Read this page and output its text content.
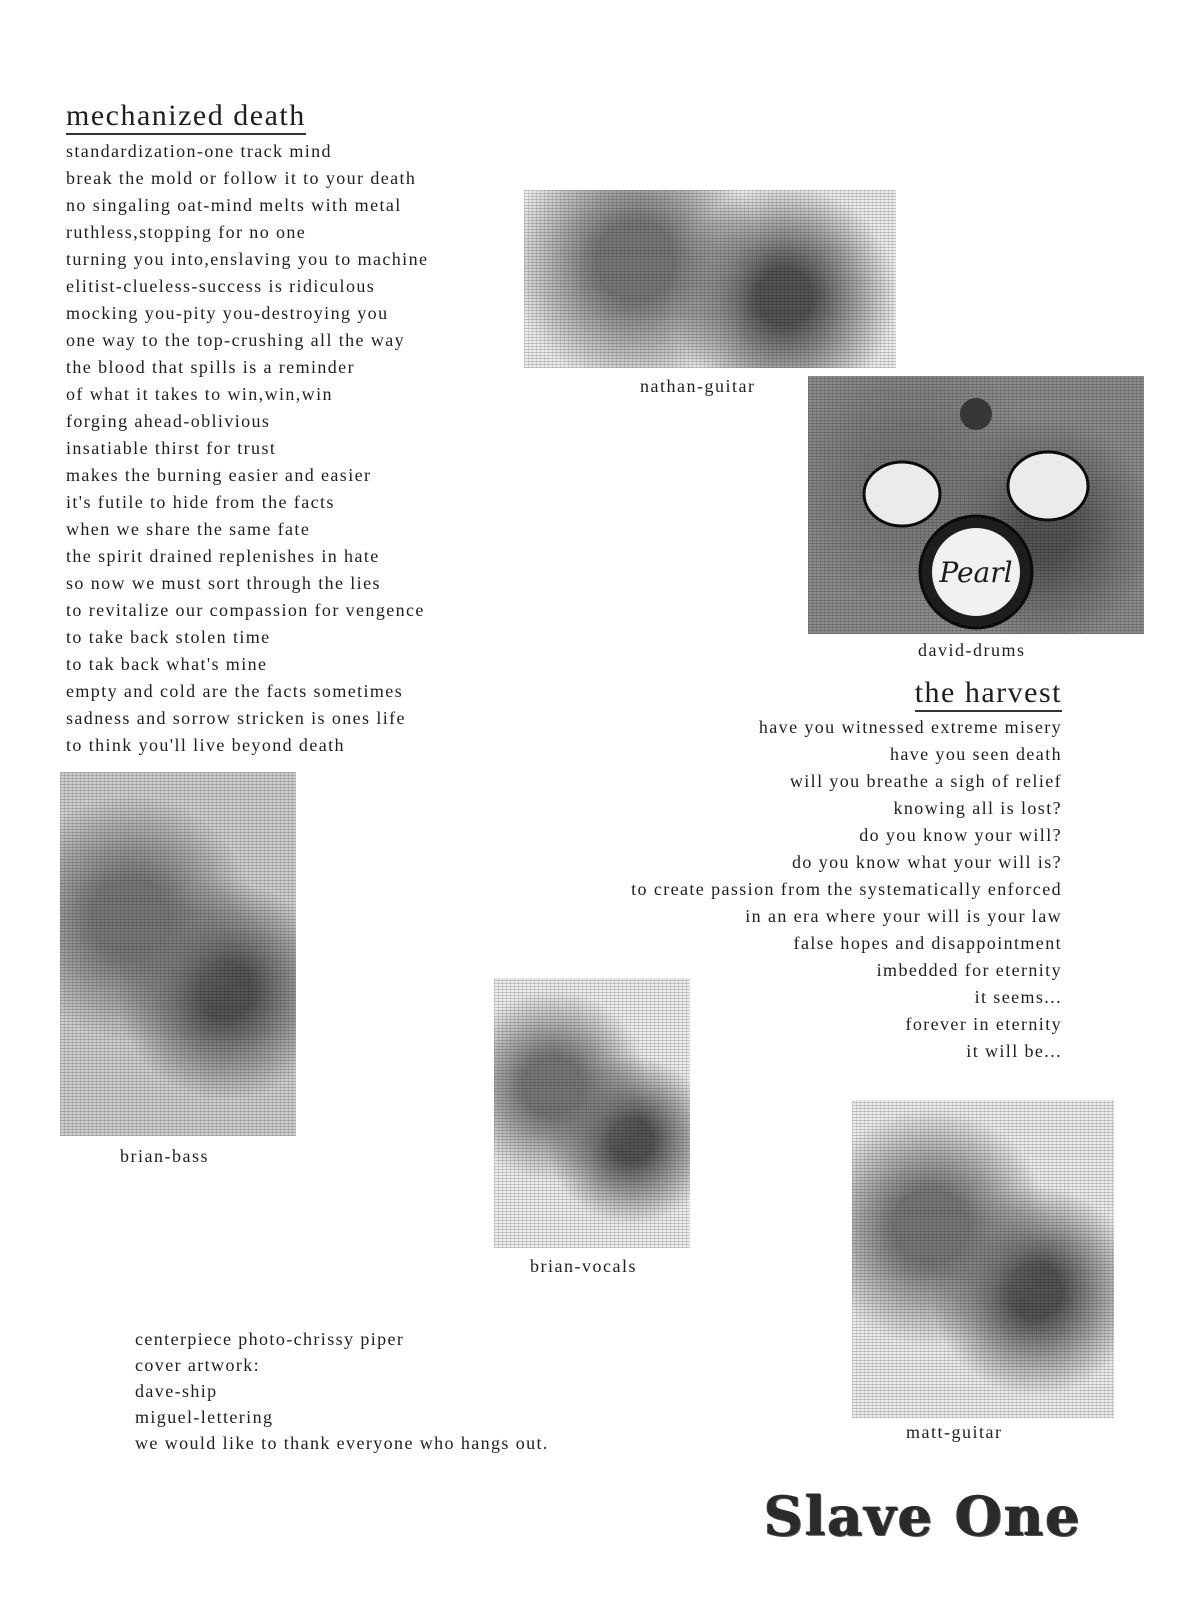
mechanized death
standardization-one track mind
break the mold or follow it to your death
no singaling oat-mind melts with metal
ruthless,stopping for no one
turning you into,enslaving you to machine
elitist-clueless-success is ridiculous
mocking you-pity you-destroying you
one way to the top-crushing all the way
the blood that spills is a reminder
of what it takes to win,win,win
forging ahead-oblivious
insatiable thirst for trust
makes the burning easier and easier
it's futile to hide from the facts
when we share the same fate
the spirit drained replenishes in hate
so now we must sort through the lies
to revitalize our compassion for vengence
to take back stolen time
to tak back what's mine
empty and cold are the facts sometimes
sadness and sorrow stricken is ones life
to think you'll live beyond death
nathan-guitar
Pearl
david-drums
the harvest
have you witnessed extreme misery
have you seen death
will you breathe a sigh of relief
knowing all is lost?
do you know your will?
do you know what your will is?
to create passion from the systematically enforced
in an era where your will is your law
false hopes and disappointment
imbedded for eternity
it seems...
forever in eternity
it will be...
brian-bass
brian-vocals
matt-guitar
centerpiece photo-chrissy piper
cover artwork:
dave-ship
miguel-lettering
we would like to thank everyone who hangs out.
Slave One
